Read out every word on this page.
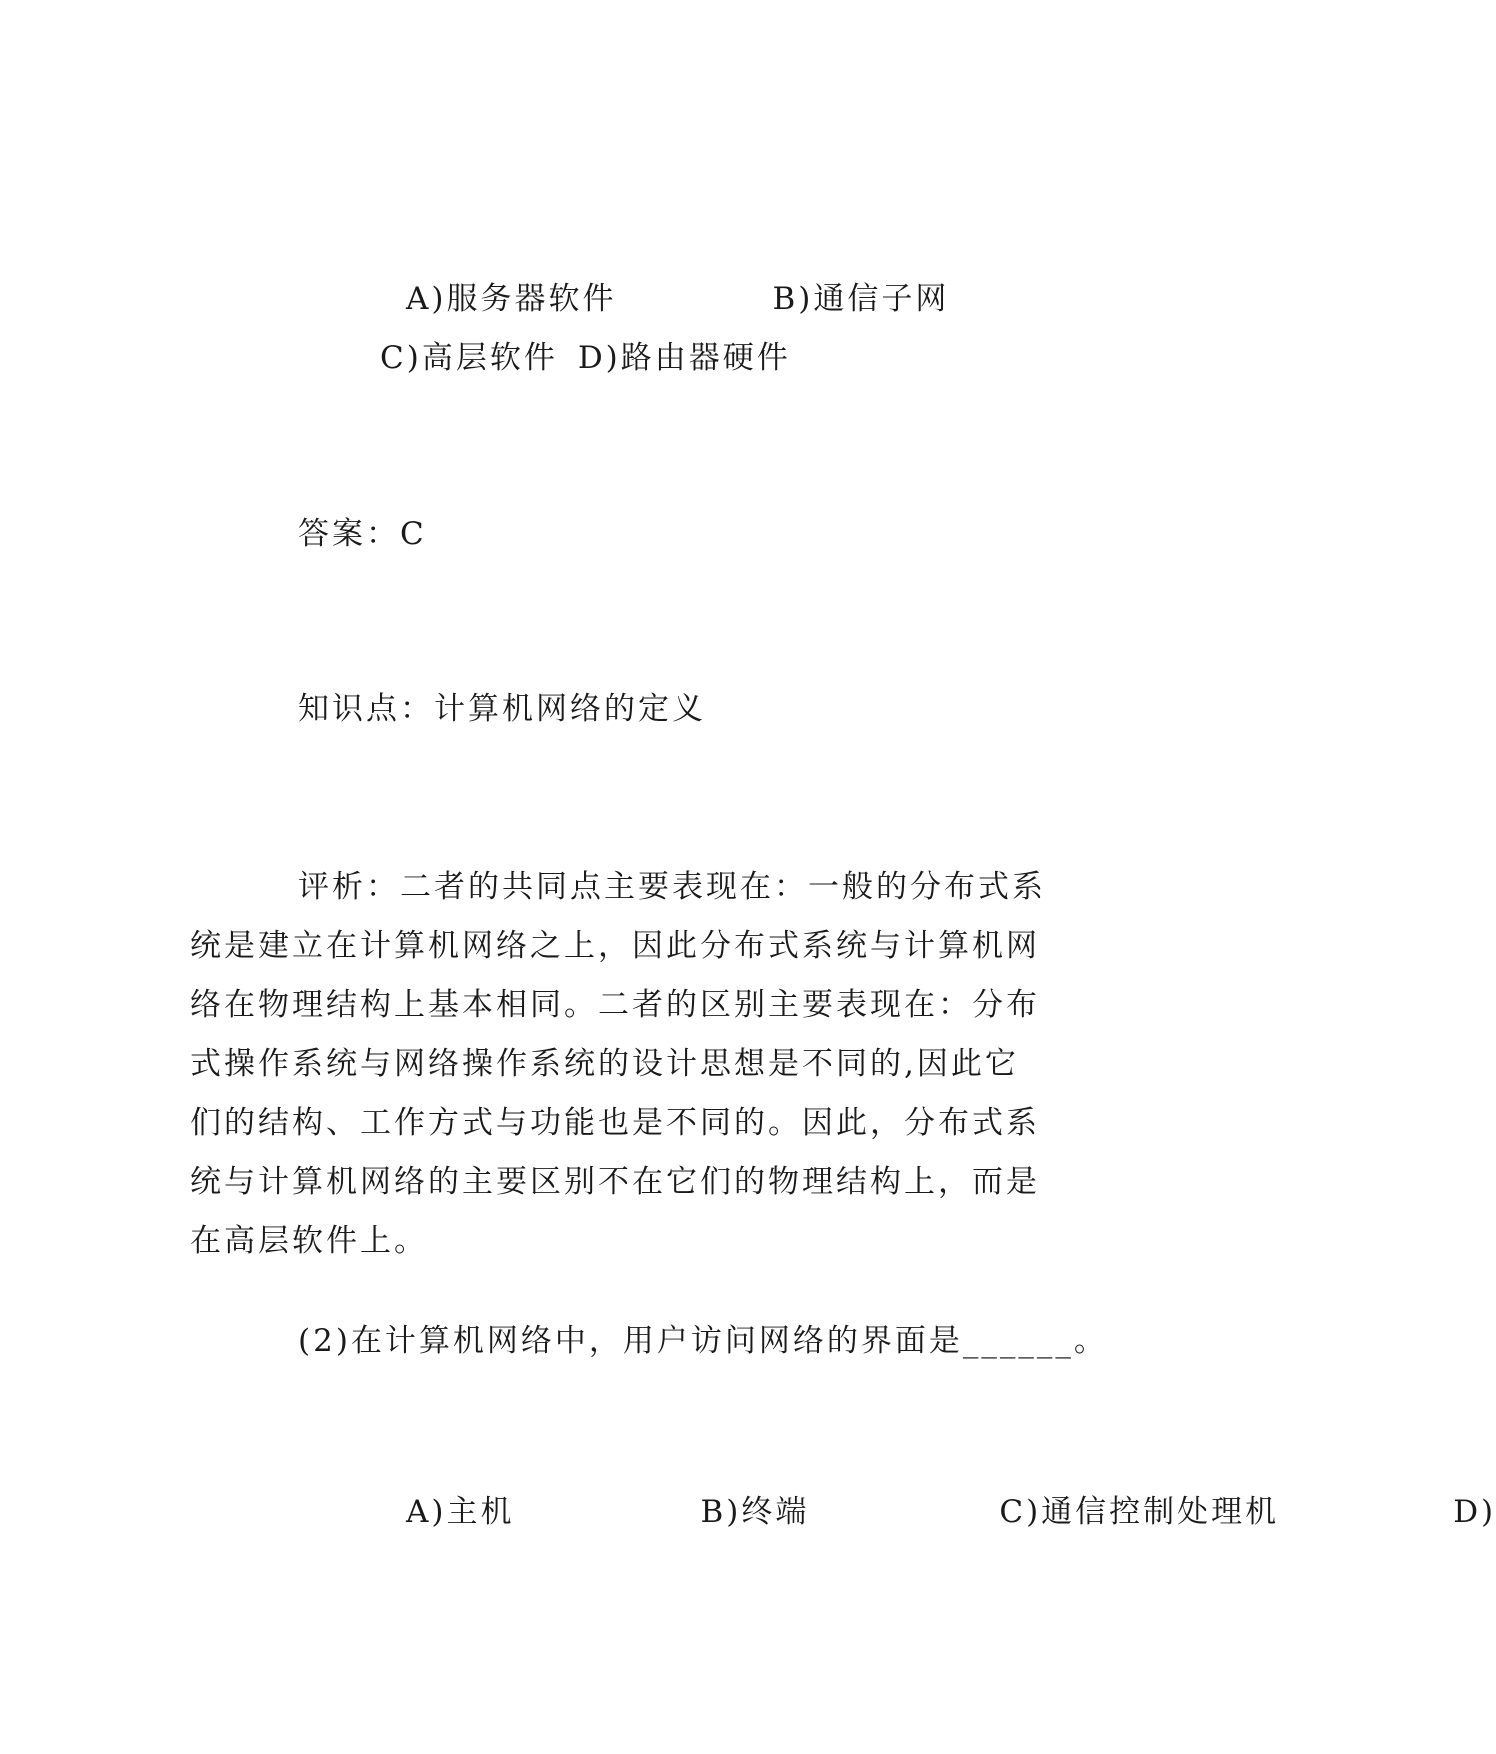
A)服务器软件	B)通信子网C)高层软件 D)路由器硬件

答案：C

知识点：计算机网络的定义

评析：二者的共同点主要表现在：一般的分布式系统是建立在计算机网络之上，因此分布式系统与计算机网络在物理结构上基本相同。二者的区别主要表现在：分布式操作系统与网络操作系统的设计思想是不同的,因此它们的结构、工作方式与功能也是不同的。因此，分布式系统与计算机网络的主要区别不在它们的物理结构上，而是在高层软件上。

(2)在计算机网络中，用户访问网络的界面是______。

A)主机	B)终端	C)通信控制处理机	D)
